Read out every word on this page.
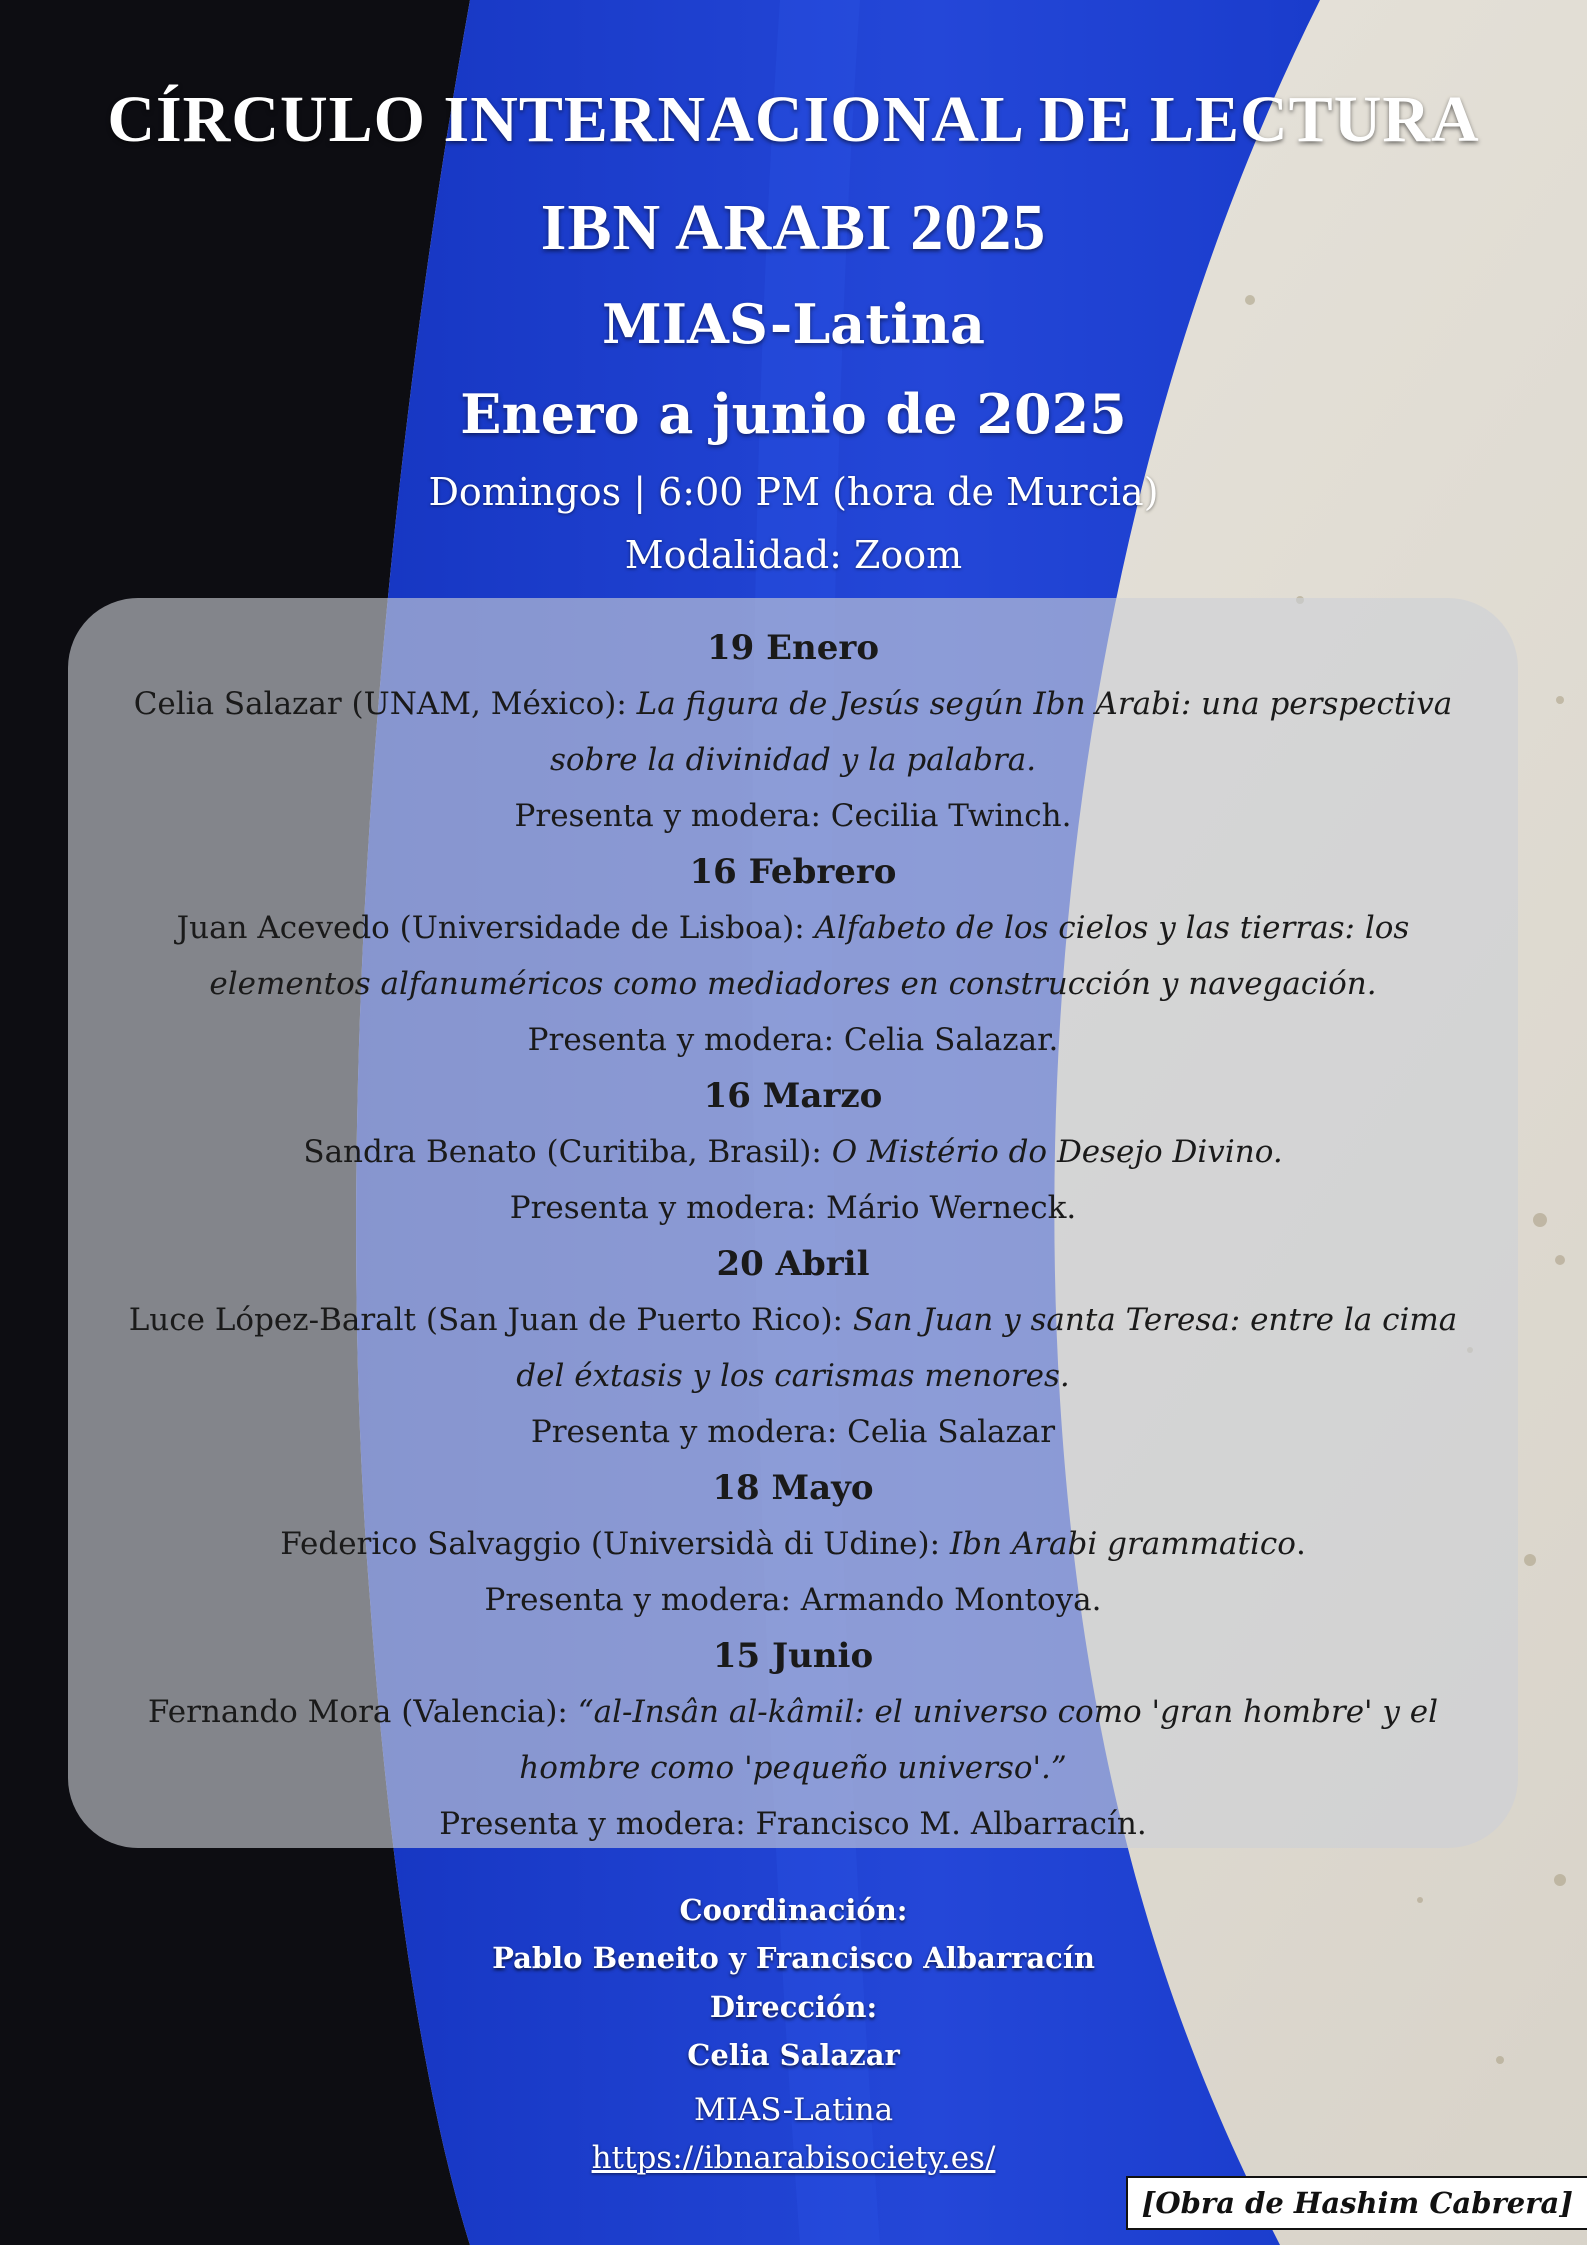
CÍRCULO INTERNACIONAL DE LECTURA
IBN ARABI 2025
MIAS-Latina
Enero a junio de 2025
Domingos | 6:00 PM (hora de Murcia)
Modalidad: Zoom
19 Enero
Celia Salazar (UNAM, México): La figura de Jesús según Ibn Arabi: una perspectiva sobre la divinidad y la palabra.
Presenta y modera: Cecilia Twinch.
16 Febrero
Juan Acevedo (Universidade de Lisboa): Alfabeto de los cielos y las tierras: los elementos alfanuméricos como mediadores en construcción y navegación.
Presenta y modera: Celia Salazar.
16 Marzo
Sandra Benato (Curitiba, Brasil): O Mistério do Desejo Divino.
Presenta y modera: Mário Werneck.
20 Abril
Luce López-Baralt (San Juan de Puerto Rico): San Juan y santa Teresa: entre la cima del éxtasis y los carismas menores.
Presenta y modera: Celia Salazar
18 Mayo
Federico Salvaggio (Universidà di Udine): Ibn Arabi grammatico.
Presenta y modera: Armando Montoya.
15 Junio
Fernando Mora (Valencia): “al-Insân al-kâmil: el universo como 'gran hombre' y el hombre como 'pequeño universo'.”
Presenta y modera: Francisco M. Albarracín.
Coordinación:
Pablo Beneito y Francisco Albarracín
Dirección:
Celia Salazar
MIAS-Latina
https://ibnarabisociety.es/
[Obra de Hashim Cabrera]
